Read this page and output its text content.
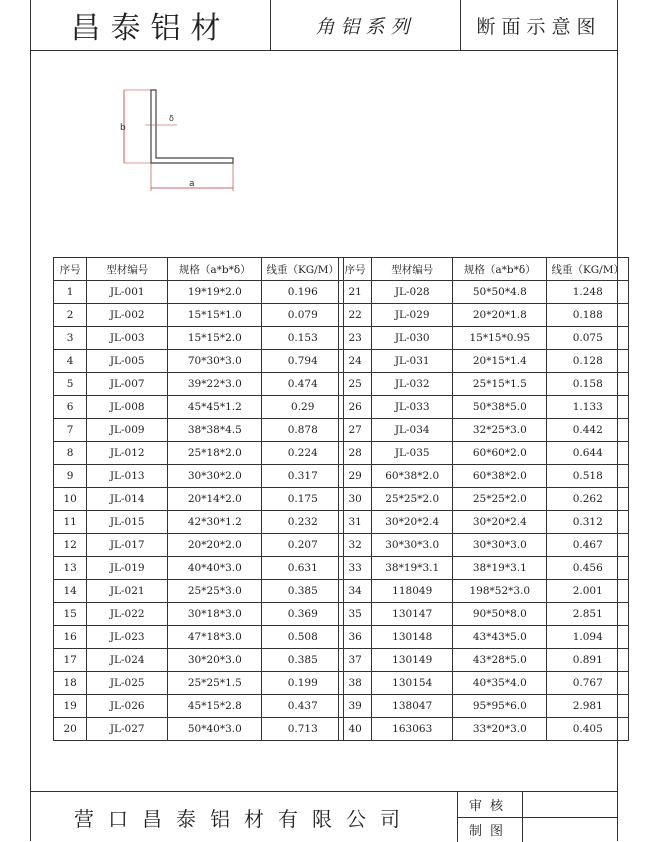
昌泰铝材	角铝系列	断面示意图
b
δ
a
序号	型材编号	规格（a*b*δ）	线重（KG/M）
1	JL-001	19*19*2.0	0.196
2	JL-002	15*15*1.0	0.079
3	JL-003	15*15*2.0	0.153
4	JL-005	70*30*3.0	0.794
5	JL-007	39*22*3.0	0.474
6	JL-008	45*45*1.2	0.29
7	JL-009	38*38*4.5	0.878
8	JL-012	25*18*2.0	0.224
9	JL-013	30*30*2.0	0.317
10	JL-014	20*14*2.0	0.175
11	JL-015	42*30*1.2	0.232
12	JL-017	20*20*2.0	0.207
13	JL-019	40*40*3.0	0.631
14	JL-021	25*25*3.0	0.385
15	JL-022	30*18*3.0	0.369
16	JL-023	47*18*3.0	0.508
17	JL-024	30*20*3.0	0.385
18	JL-025	25*25*1.5	0.199
19	JL-026	45*15*2.8	0.437
20	JL-027	50*40*3.0	0.713
序号	型材编号	规格（a*b*δ）	线重（KG/M）
21	JL-028	50*50*4.8	1.248
22	JL-029	20*20*1.8	0.188
23	JL-030	15*15*0.95	0.075
24	JL-031	20*15*1.4	0.128
25	JL-032	25*15*1.5	0.158
26	JL-033	50*38*5.0	1.133
27	JL-034	32*25*3.0	0.442
28	JL-035	60*60*2.0	0.644
29	60*38*2.0	60*38*2.0	0.518
30	25*25*2.0	25*25*2.0	0.262
31	30*20*2.4	30*20*2.4	0.312
32	30*30*3.0	30*30*3.0	0.467
33	38*19*3.1	38*19*3.1	0.456
34	118049	198*52*3.0	2.001
35	130147	90*50*8.0	2.851
36	130148	43*43*5.0	1.094
37	130149	43*28*5.0	0.891
38	130154	40*35*4.0	0.767
39	138047	95*95*6.0	2.981
40	163063	33*20*3.0	0.405
营口昌泰铝材有限公司
审核
制图
